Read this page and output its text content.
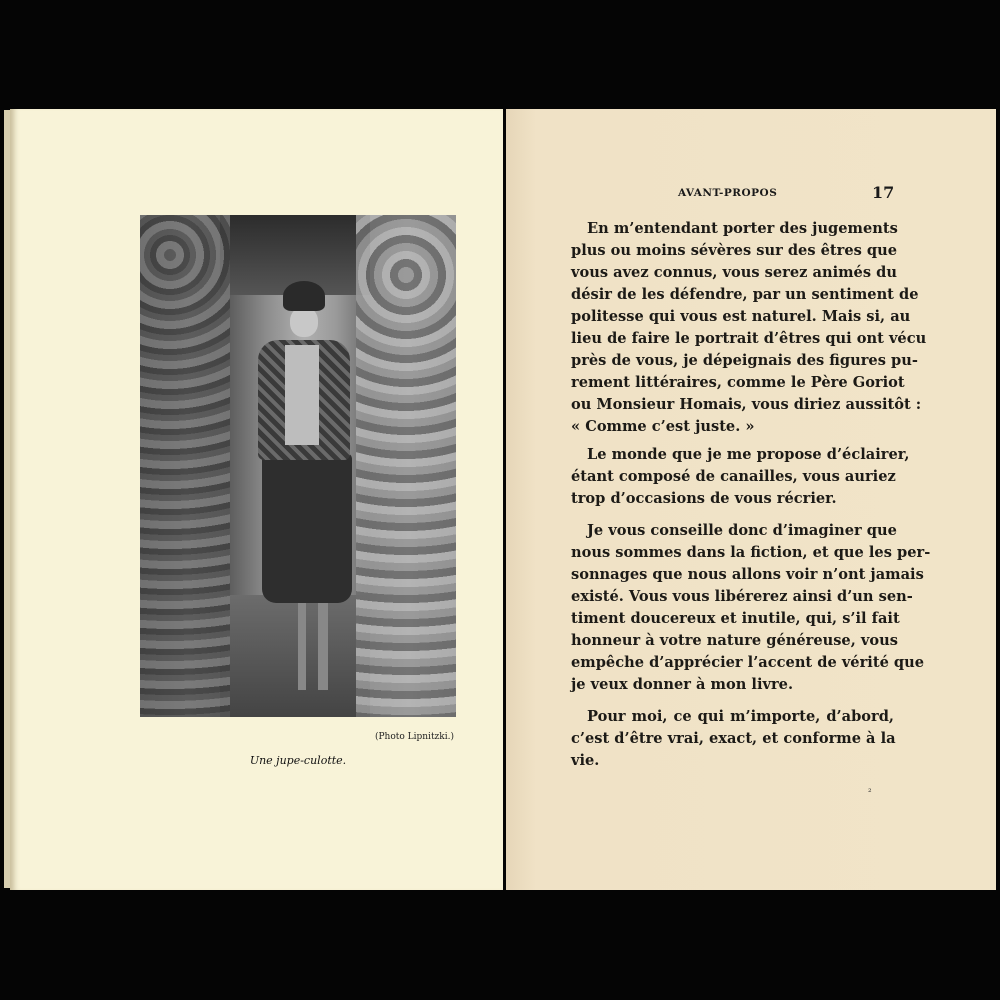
(Photo Lipnitzki.)
Une jupe-culotte.
AVANT-PROPOS	17
En m’entendant porter des jugements
plus ou moins sévères sur des êtres que
vous avez connus, vous serez animés du
désir de les défendre, par un sentiment de
politesse qui vous est naturel. Mais si, au
lieu de faire le portrait d’êtres qui ont vécu
près de vous, je dépeignais des figures pu-
rement littéraires, comme le Père Goriot
ou Monsieur Homais, vous diriez aussitôt :
« Comme c’est juste. »
Le monde que je me propose d’éclairer,
étant composé de canailles, vous auriez
trop d’occasions de vous récrier.
Je vous conseille donc d’imaginer que
nous sommes dans la fiction, et que les per-
sonnages que nous allons voir n’ont jamais
existé. Vous vous libérerez ainsi d’un sen-
timent doucereux et inutile, qui, s’il fait
honneur à votre nature généreuse, vous
empêche d’apprécier l’accent de vérité que
je veux donner à mon livre.
Pour moi, ce qui m’importe, d’abord,
c’est d’être vrai, exact, et conforme à la
vie.
²
